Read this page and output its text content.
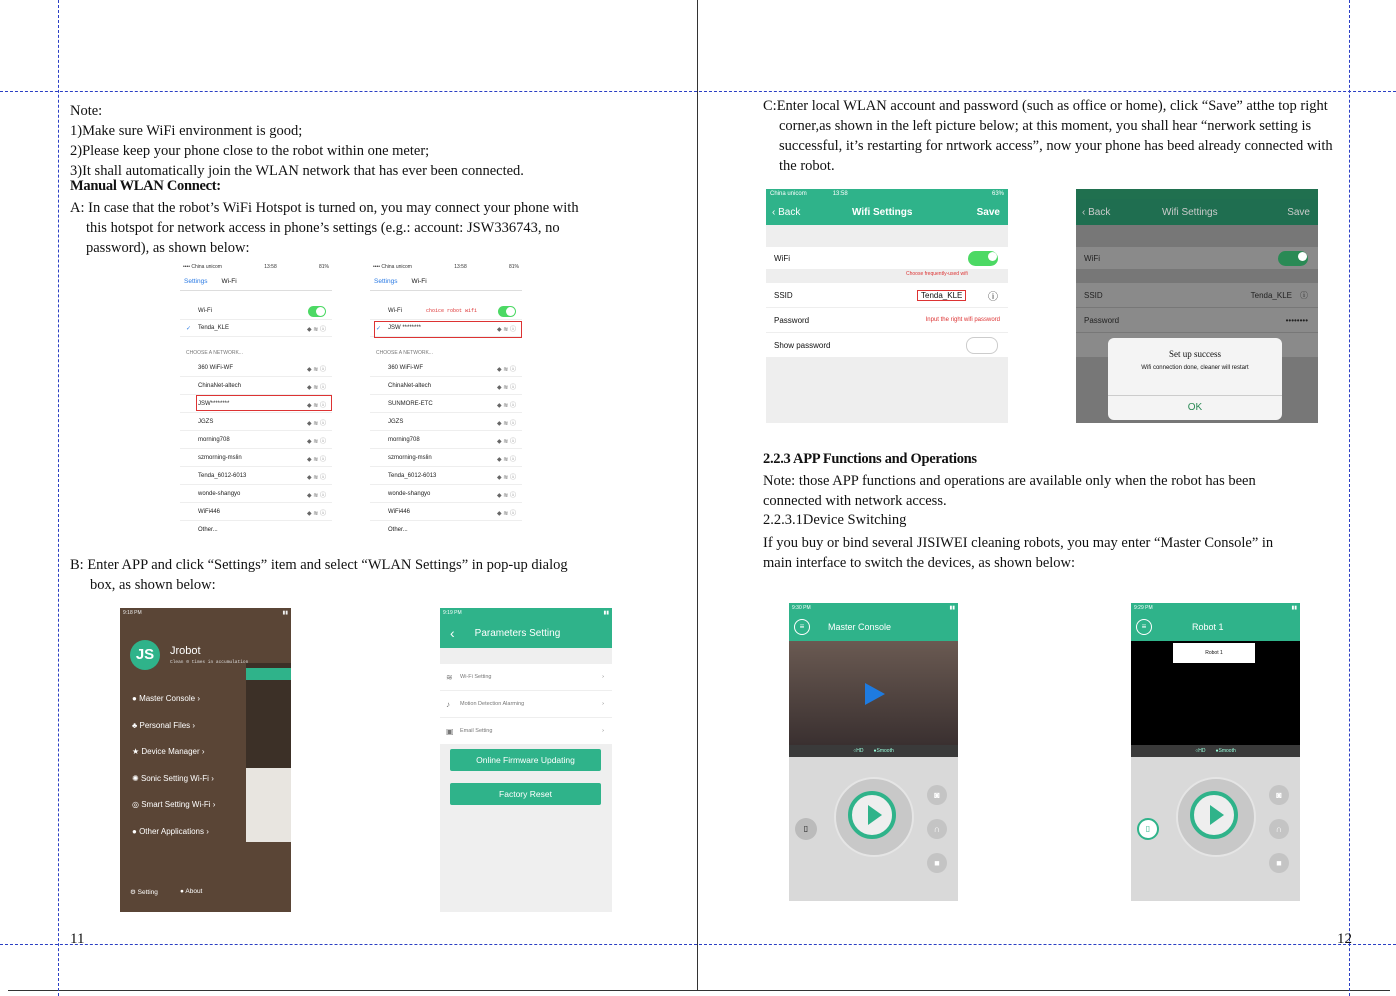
Note:
1)Make sure WiFi environment is good;
2)Please keep your phone close to the robot within one meter;
3)It shall automatically join the WLAN network that has ever been connected.
Manual WLAN Connect:
A: In case that the robot’s WiFi Hotspot is turned on, you may connect your phone with
this hotspot for network access in phone’s settings (e.g.: account: JSW336743, no
password), as shown below:
•••• China unicom	13:58	81%
Settings Wi-Fi
Wi-Fi
✓ Tenda_KLE	◆ ≋ ⓘ
CHOOSE A NETWORK...
360 WiFi-WF	◆ ≋ ⓘ
ChinaNet-altech	◆ ≋ ⓘ
JSW********	◆ ≋ ⓘ
JGZS	◆ ≋ ⓘ
morning708	◆ ≋ ⓘ
szmorning-mslin	◆ ≋ ⓘ
Tenda_6012-6013	◆ ≋ ⓘ
wonde-shangyo	◆ ≋ ⓘ
WiFi446	◆ ≋ ⓘ
Other...
•••• China unicom	13:58	81%
Settings Wi-Fi
Wi-Fi	choice robot wifi
✓ JSW ********	◆ ≋ ⓘ
CHOOSE A NETWORK...
360 WiFi-WF	◆ ≋ ⓘ
ChinaNet-altech	◆ ≋ ⓘ
SUNMORE-ETC	◆ ≋ ⓘ
JGZS	◆ ≋ ⓘ
morning708	◆ ≋ ⓘ
szmorning-mslin	◆ ≋ ⓘ
Tenda_6012-6013	◆ ≋ ⓘ
wonde-shangyo	◆ ≋ ⓘ
WiFi446	◆ ≋ ⓘ
Other...
B: Enter APP and click “Settings” item and select “WLAN Settings” in pop-up dialog
box, as shown below:
9:18 PM	▮▮
JS	Jrobot
Clean 0 times in accumulation
● Master Console ›
♣ Personal Files ›
★ Device Manager ›
✺ Sonic Setting Wi-Fi ›
◎ Smart Setting Wi-Fi ›
● Other Applications ›
⚙ Setting	● About
9:19 PM	▮▮
‹ Parameters Setting
≋ Wi-Fi Setting	›
♪ Motion Detection Alarming	›
▣ Email Setting	›
Online Firmware Updating
Factory Reset
11
C:Enter local WLAN account and password (such as office or home), click “Save” atthe top right
corner,as shown in the left picture below; at this moment, you shall hear “nerwork setting is
successful, it’s restarting for nrtwork access”, now your phone has beed already connected with
the robot.
China unicom	13:58	63%
‹ Back	Wifi Settings	Save
WiFi
Choose frequently-used wifi
SSID	Tenda_KLE	ⓘ
Password	Input the right wifi password
Show password
‹ Back	Wifi Settings	Save
WiFi
SSID	Tenda_KLE ⓘ
Password	••••••••
Set up success
Wifi connection done, cleaner will restart
OK
2.2.3 APP Functions and Operations
Note: those APP functions and operations are available only when the robot has been
connected with network access.
2.2.3.1Device Switching
If you buy or bind several JISIWEI cleaning robots, you may enter “Master Console” in
main interface to switch the devices, as shown below:
9:30 PM	▮▮
≡	Master Console
○HD ●Smooth
▯
◙
∩
■
9:29 PM	▮▮
≡	Robot 1
Robot 1
○HD ●Smooth
▯
◙
∩
■
12
